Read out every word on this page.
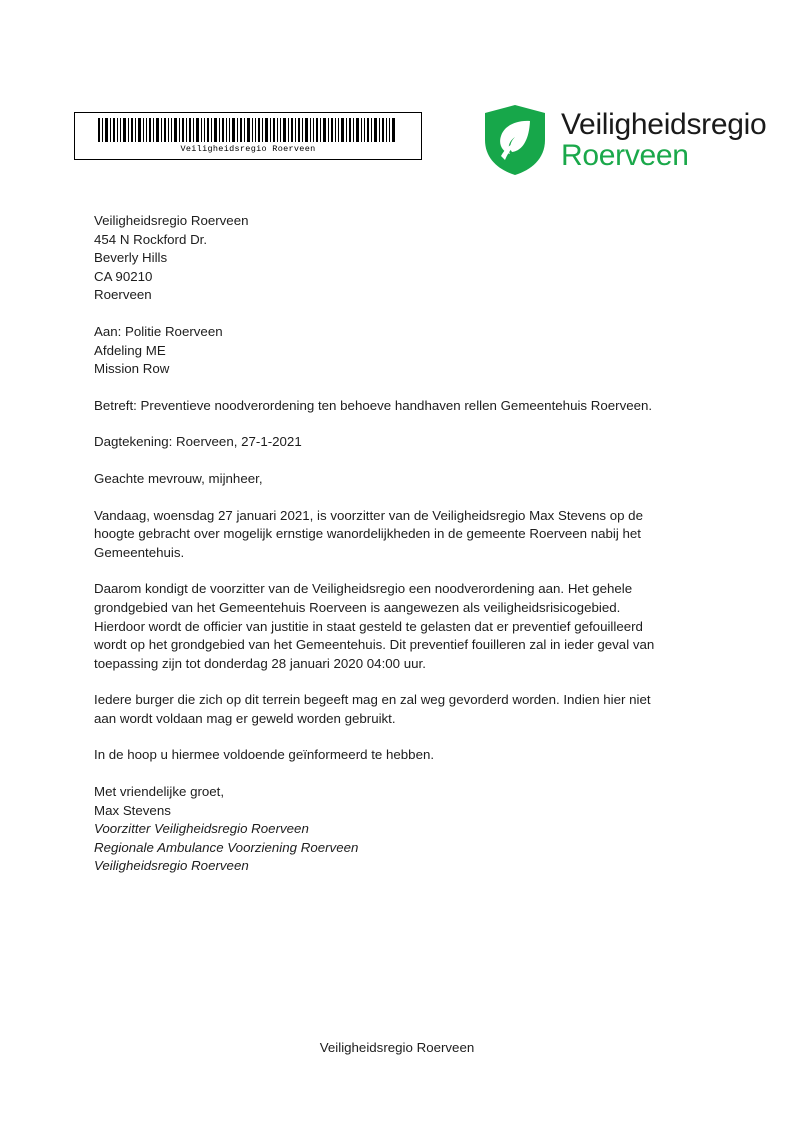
Veiligheidsregio Roerveen
Veiligheidsregio
Roerveen
Veiligheidsregio Roerveen
454 N Rockford Dr.
Beverly Hills
CA 90210
Roerveen
Aan: Politie Roerveen
Afdeling ME
Mission Row
Betreft: Preventieve noodverordening ten behoeve handhaven rellen Gemeentehuis Roerveen.
Dagtekening: Roerveen, 27-1-2021
Geachte mevrouw, mijnheer,
Vandaag, woensdag 27 januari 2021, is voorzitter van de Veiligheidsregio Max Stevens op de hoogte gebracht over mogelijk ernstige wanordelijkheden in de gemeente Roerveen nabij het Gemeentehuis.
Daarom kondigt de voorzitter van de Veiligheidsregio een noodverordening aan. Het gehele grondgebied van het Gemeentehuis Roerveen is aangewezen als veiligheidsrisicogebied. Hierdoor wordt de officier van justitie in staat gesteld te gelasten dat er preventief gefouilleerd wordt op het grondgebied van het Gemeentehuis. Dit preventief fouilleren zal in ieder geval van toepassing zijn tot donderdag 28 januari 2020 04:00 uur.
Iedere burger die zich op dit terrein begeeft mag en zal weg gevorderd worden. Indien hier niet aan wordt voldaan mag er geweld worden gebruikt.
In de hoop u hiermee voldoende geïnformeerd te hebben.
Met vriendelijke groet,
Max Stevens
Voorzitter Veiligheidsregio Roerveen
Regionale Ambulance Voorziening Roerveen
Veiligheidsregio Roerveen
Veiligheidsregio Roerveen
